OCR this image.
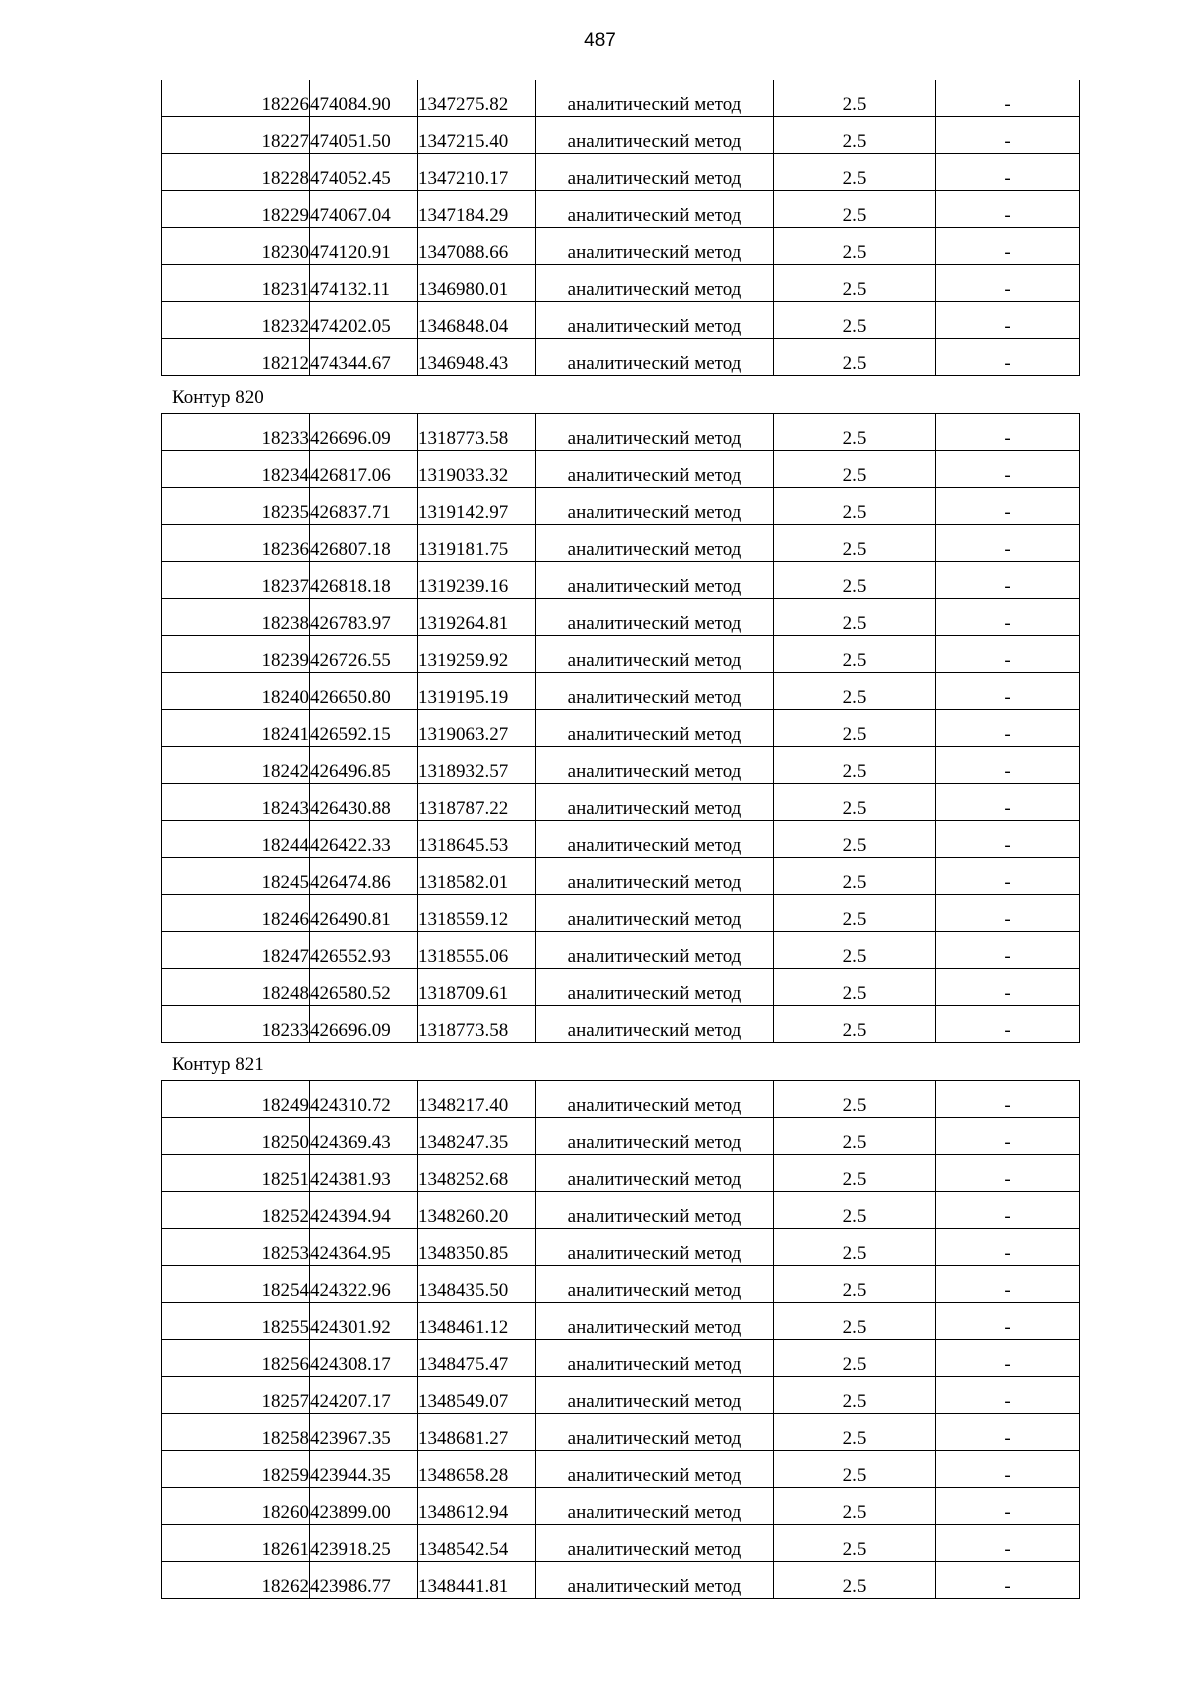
487
18226	474084.90	1347275.82	аналитический метод	2.5	-
18227	474051.50	1347215.40	аналитический метод	2.5	-
18228	474052.45	1347210.17	аналитический метод	2.5	-
18229	474067.04	1347184.29	аналитический метод	2.5	-
18230	474120.91	1347088.66	аналитический метод	2.5	-
18231	474132.11	1346980.01	аналитический метод	2.5	-
18232	474202.05	1346848.04	аналитический метод	2.5	-
18212	474344.67	1346948.43	аналитический метод	2.5	-
Контур 820
18233	426696.09	1318773.58	аналитический метод	2.5	-
18234	426817.06	1319033.32	аналитический метод	2.5	-
18235	426837.71	1319142.97	аналитический метод	2.5	-
18236	426807.18	1319181.75	аналитический метод	2.5	-
18237	426818.18	1319239.16	аналитический метод	2.5	-
18238	426783.97	1319264.81	аналитический метод	2.5	-
18239	426726.55	1319259.92	аналитический метод	2.5	-
18240	426650.80	1319195.19	аналитический метод	2.5	-
18241	426592.15	1319063.27	аналитический метод	2.5	-
18242	426496.85	1318932.57	аналитический метод	2.5	-
18243	426430.88	1318787.22	аналитический метод	2.5	-
18244	426422.33	1318645.53	аналитический метод	2.5	-
18245	426474.86	1318582.01	аналитический метод	2.5	-
18246	426490.81	1318559.12	аналитический метод	2.5	-
18247	426552.93	1318555.06	аналитический метод	2.5	-
18248	426580.52	1318709.61	аналитический метод	2.5	-
18233	426696.09	1318773.58	аналитический метод	2.5	-
Контур 821
18249	424310.72	1348217.40	аналитический метод	2.5	-
18250	424369.43	1348247.35	аналитический метод	2.5	-
18251	424381.93	1348252.68	аналитический метод	2.5	-
18252	424394.94	1348260.20	аналитический метод	2.5	-
18253	424364.95	1348350.85	аналитический метод	2.5	-
18254	424322.96	1348435.50	аналитический метод	2.5	-
18255	424301.92	1348461.12	аналитический метод	2.5	-
18256	424308.17	1348475.47	аналитический метод	2.5	-
18257	424207.17	1348549.07	аналитический метод	2.5	-
18258	423967.35	1348681.27	аналитический метод	2.5	-
18259	423944.35	1348658.28	аналитический метод	2.5	-
18260	423899.00	1348612.94	аналитический метод	2.5	-
18261	423918.25	1348542.54	аналитический метод	2.5	-
18262	423986.77	1348441.81	аналитический метод	2.5	-
